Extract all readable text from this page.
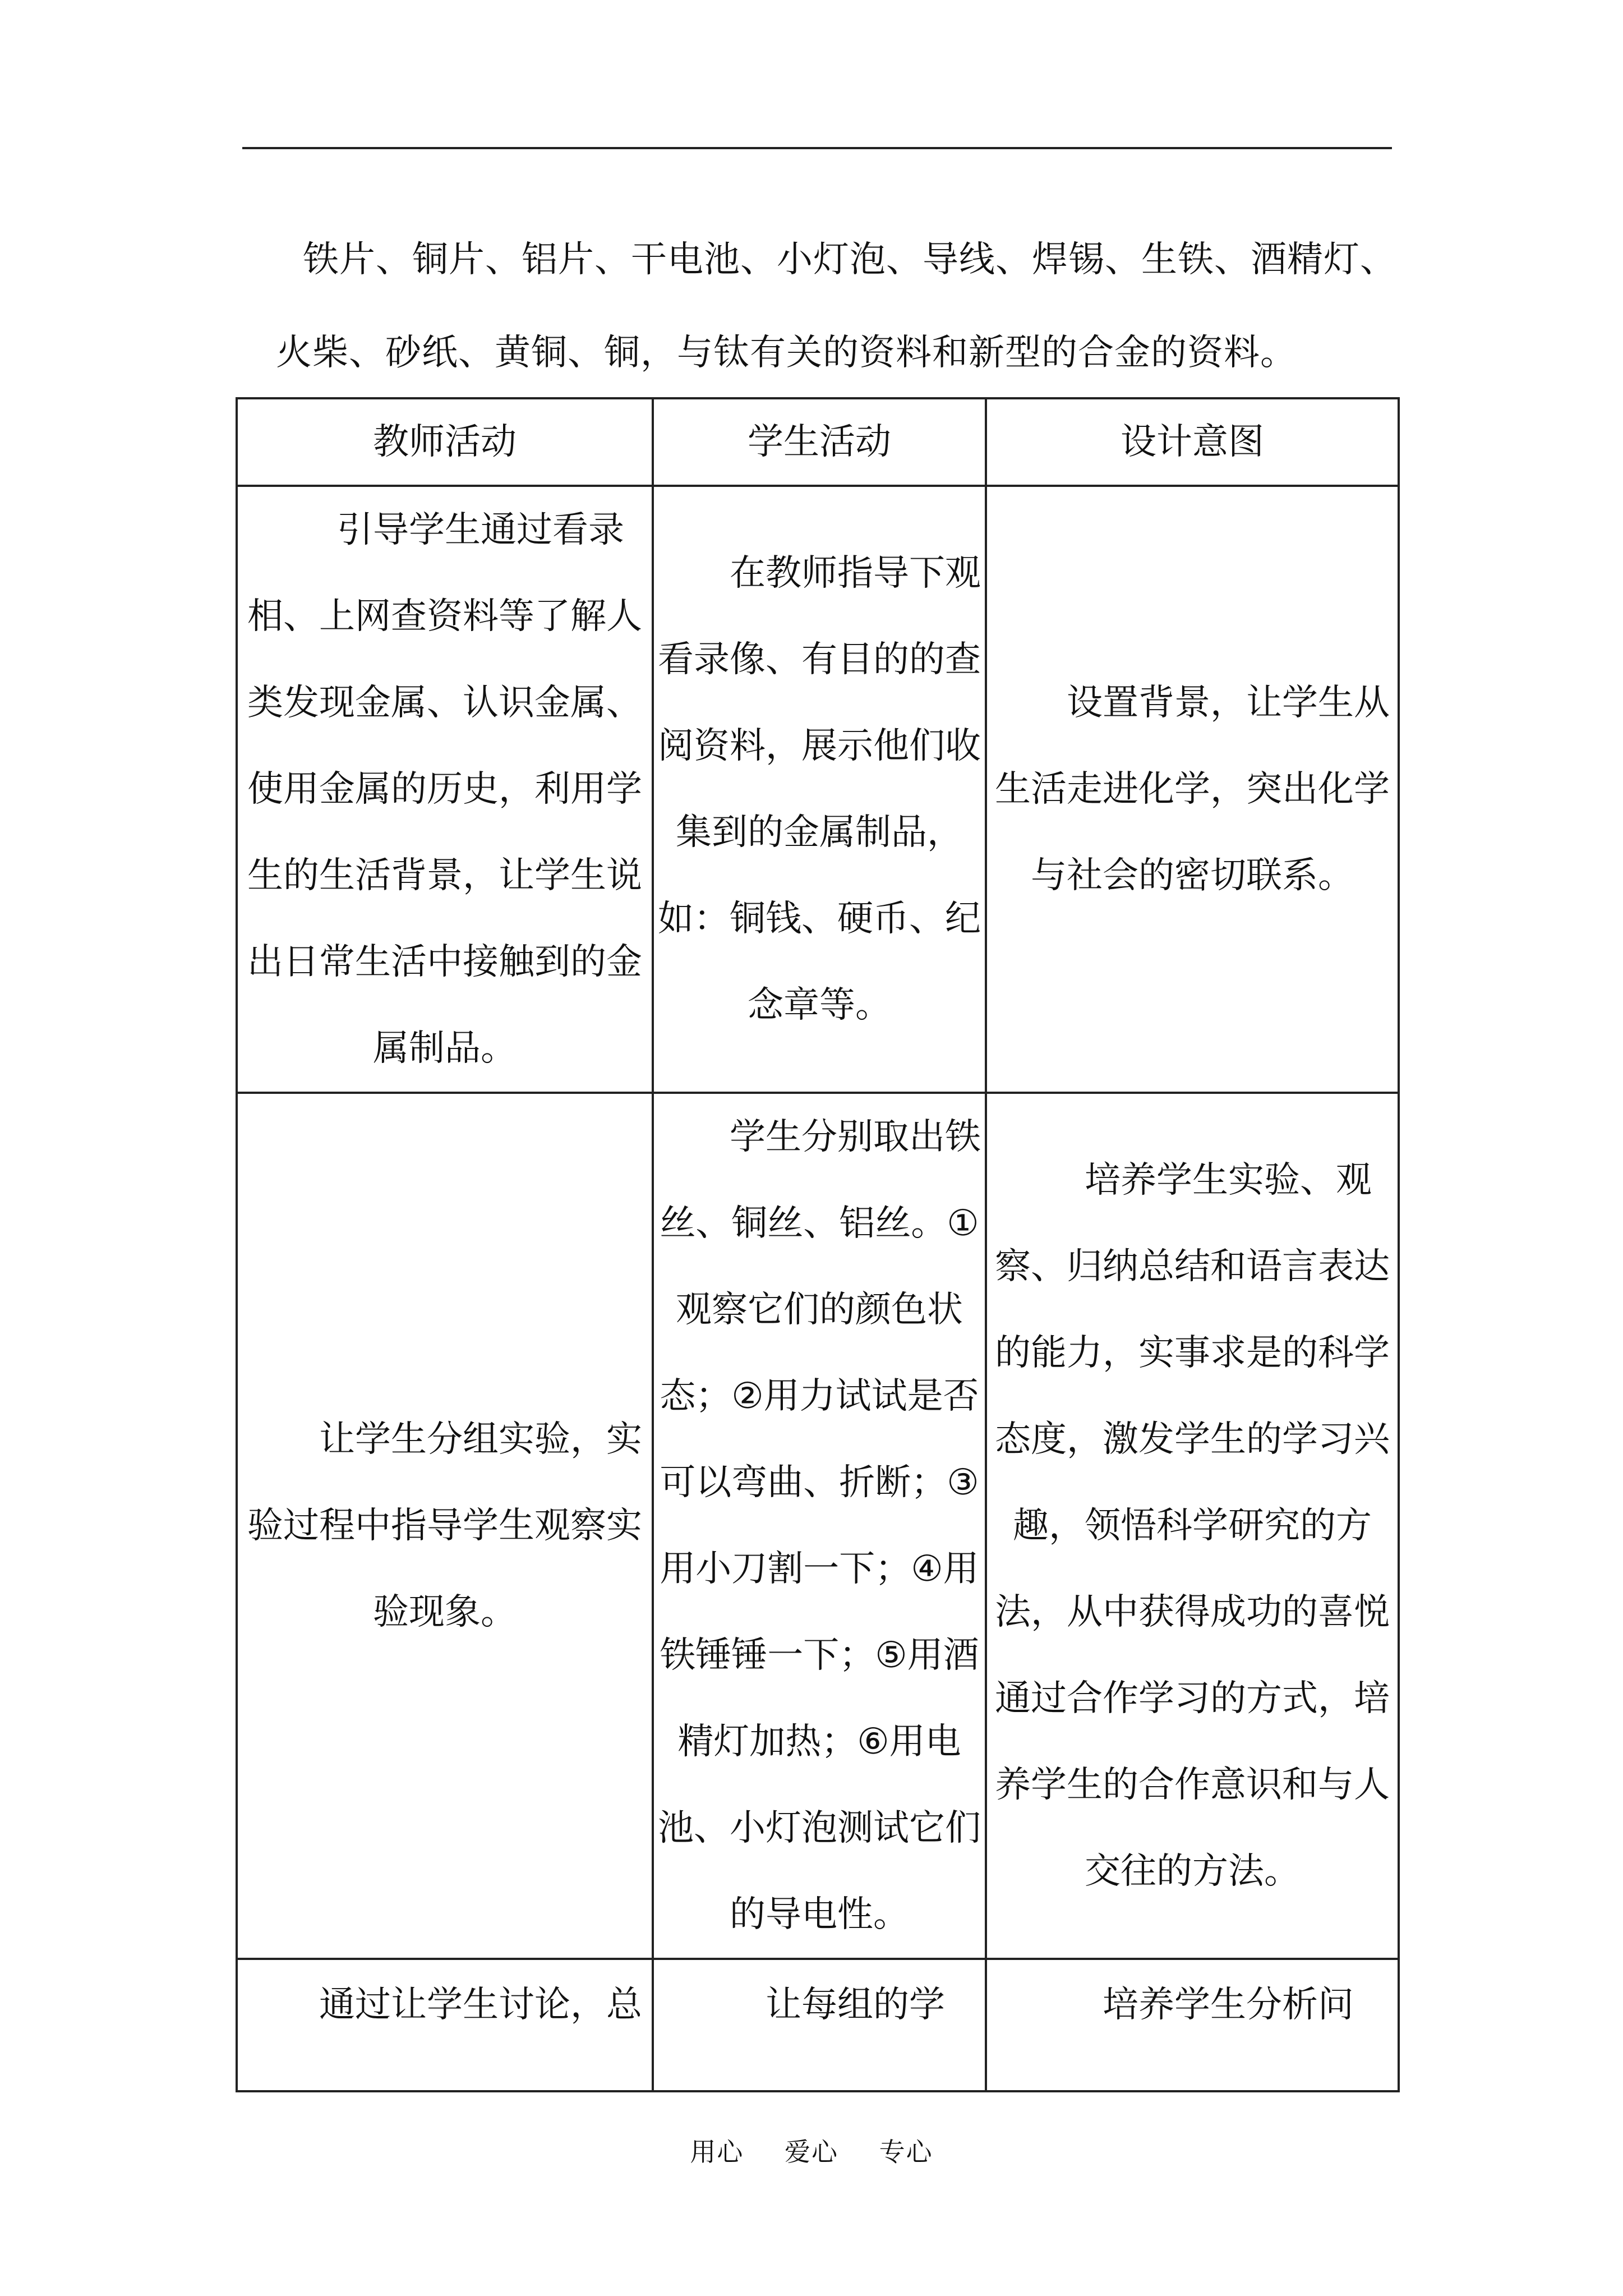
铁片、铜片、铝片、干电池、小灯泡、导线、焊锡、生铁、酒精灯、
火柴、砂纸、黄铜、铜，与钛有关的资料和新型的合金的资料。
教师活动	学生活动	设计意图

　　引导学生通过看录相、上网查资料等了解人类发现金属、认识金属、使用金属的历史，利用学生的生活背景，让学生说出日常生活中接触到的金属制品。	　　在教师指导下观看录像、有目的的查阅资料，展示他们收集到的金属制品，如：铜钱、硬币、纪念章等。	　　设置背景，让学生从生活走进化学，突出化学与社会的密切联系。

　　让学生分组实验，实验过程中指导学生观察实验现象。	　　学生分别取出铁丝、铜丝、铝丝。①观察它们的颜色状态；②用力试试是否可以弯曲、折断；③用小刀割一下；④用铁锤锤一下；⑤用酒精灯加热；⑥用电池、小灯泡测试它们的导电性。	　　培养学生实验、观察、归纳总结和语言表达的能力，实事求是的科学态度，激发学生的学习兴趣，领悟科学研究的方法，从中获得成功的喜悦通过合作学习的方式，培养学生的合作意识和与人交往的方法。

　　通过让学生讨论，总	　　让每组的学	　　培养学生分析问
用心 爱心 专心
